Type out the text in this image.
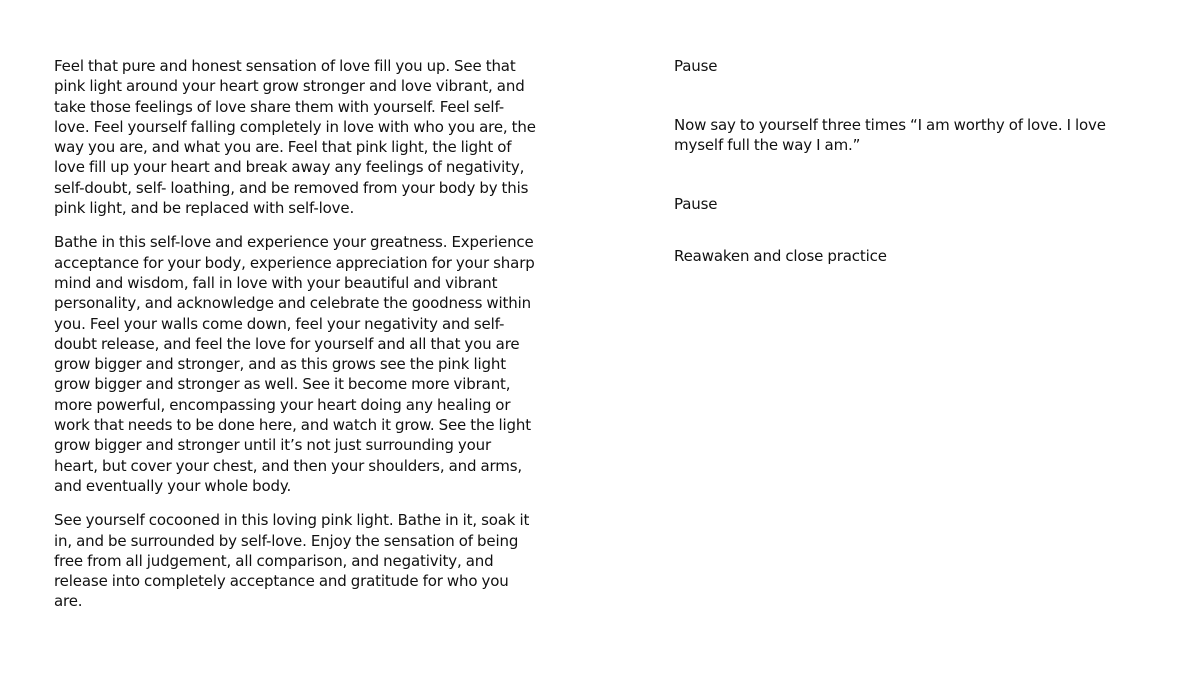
Feel that pure and honest sensation of love fill you up. See that pink light around your heart grow stronger and love vibrant, and take those feelings of love share them with yourself. Feel self-love. Feel yourself falling completely in love with who you are, the way you are, and what you are. Feel that pink light, the light of love fill up your heart and break away any feelings of negativity, self-doubt, self- loathing, and be removed from your body by this pink light, and be replaced with self-love.

Bathe in this self-love and experience your greatness. Experience acceptance for your body, experience appreciation for your sharp mind and wisdom, fall in love with your beautiful and vibrant personality, and acknowledge and celebrate the goodness within you. Feel your walls come down, feel your negativity and self-doubt release, and feel the love for yourself and all that you are grow bigger and stronger, and as this grows see the pink light grow bigger and stronger as well. See it become more vibrant, more powerful, encompassing your heart doing any healing or work that needs to be done here, and watch it grow. See the light grow bigger and stronger until it’s not just surrounding your heart, but cover your chest, and then your shoulders, and arms, and eventually your whole body.

See yourself cocooned in this loving pink light. Bathe in it, soak it in, and be surrounded by self-love. Enjoy the sensation of being free from all judgement, all comparison, and negativity, and release into completely acceptance and gratitude for who you are.

Pause

Now say to yourself three times “I am worthy of love. I love myself full the way I am.”

Pause

Reawaken and close practice
